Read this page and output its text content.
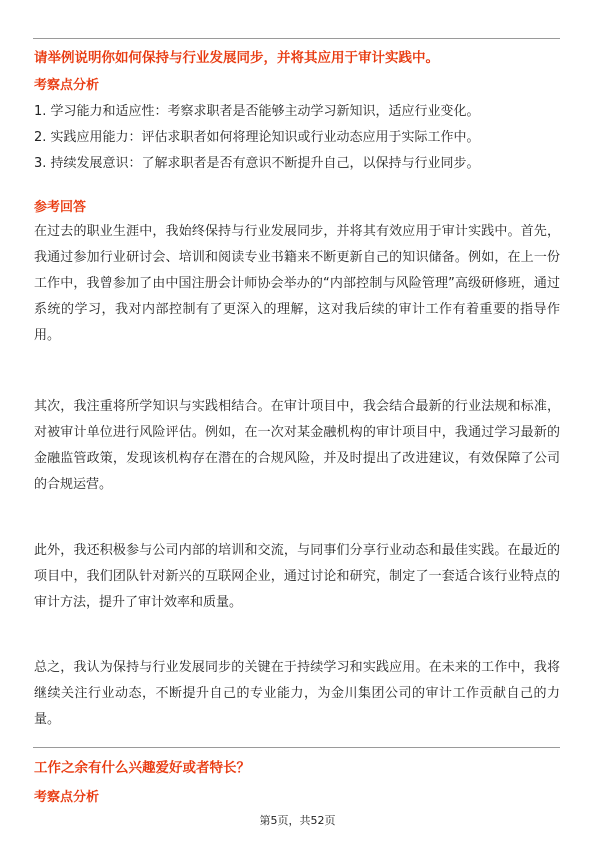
请举例说明你如何保持与行业发展同步，并将其应用于审计实践中。

考察点分析

1. 学习能力和适应性：考察求职者是否能够主动学习新知识，适应行业变化。

2. 实践应用能力：评估求职者如何将理论知识或行业动态应用于实际工作中。

3. 持续发展意识：了解求职者是否有意识不断提升自己，以保持与行业同步。

参考回答

在过去的职业生涯中，我始终保持与行业发展同步，并将其有效应用于审计实践中。首先，我通过参加行业研讨会、培训和阅读专业书籍来不断更新自己的知识储备。例如，在上一份工作中，我曾参加了由中国注册会计师协会举办的“内部控制与风险管理”高级研修班，通过系统的学习，我对内部控制有了更深入的理解，这对我后续的审计工作有着重要的指导作用。

其次，我注重将所学知识与实践相结合。在审计项目中，我会结合最新的行业法规和标准，对被审计单位进行风险评估。例如，在一次对某金融机构的审计项目中，我通过学习最新的金融监管政策，发现该机构存在潜在的合规风险，并及时提出了改进建议，有效保障了公司的合规运营。

此外，我还积极参与公司内部的培训和交流，与同事们分享行业动态和最佳实践。在最近的项目中，我们团队针对新兴的互联网企业，通过讨论和研究，制定了一套适合该行业特点的审计方法，提升了审计效率和质量。

总之，我认为保持与行业发展同步的关键在于持续学习和实践应用。在未来的工作中，我将继续关注行业动态，不断提升自己的专业能力，为金川集团公司的审计工作贡献自己的力量。

工作之余有什么兴趣爱好或者特长？

考察点分析

第5页，共52页
